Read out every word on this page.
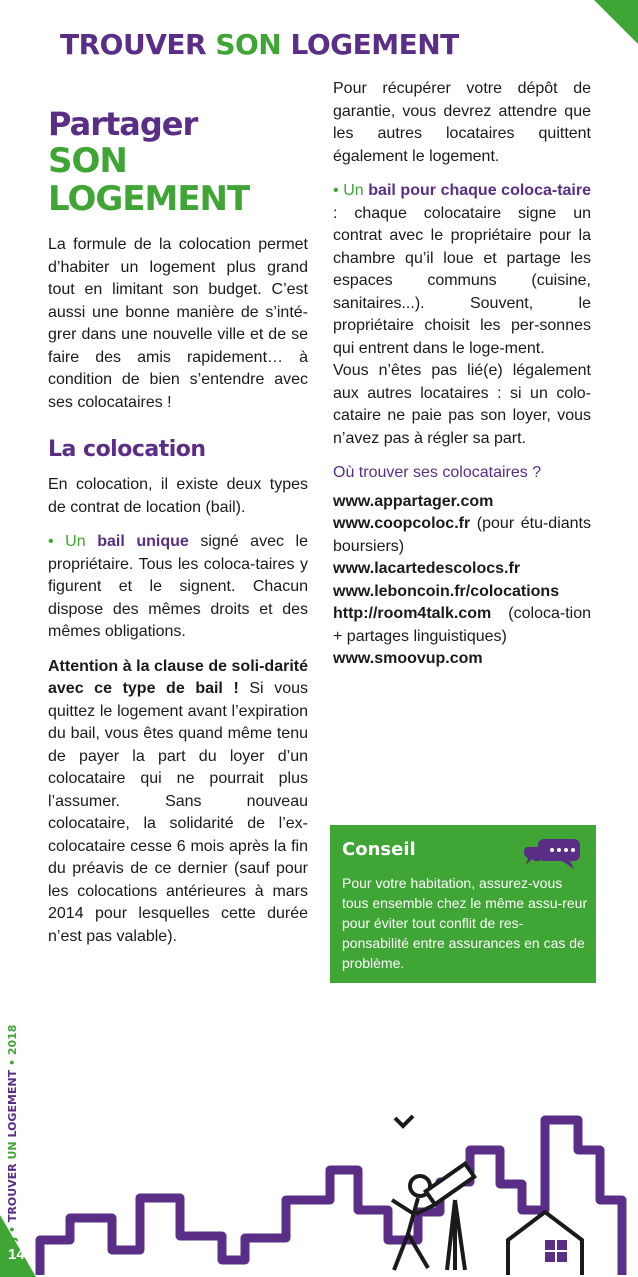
TROUVER SON LOGEMENT
Partager
SON LOGEMENT

La formule de la colocation permet d’habiter un logement plus grand tout en limitant son budget. C’est aussi une bonne manière de s’inté-grer dans une nouvelle ville et de se faire des amis rapidement… à condition de bien s’entendre avec ses colocataires !

La colocation

En colocation, il existe deux types de contrat de location (bail).

• Un bail unique signé avec le propriétaire. Tous les coloca-taires y figurent et le signent. Chacun dispose des mêmes droits et des mêmes obligations.

Attention à la clause de soli-darité avec ce type de bail ! Si vous quittez le logement avant l’expiration du bail, vous êtes quand même tenu de payer la part du loyer d’un colocataire qui ne pourrait plus l’assumer. Sans nouveau colocataire, la solidarité de l’ex-colocataire cesse 6 mois après la fin du préavis de ce dernier (sauf pour les colocations antérieures à mars 2014 pour lesquelles cette durée n’est pas valable).

Pour récupérer votre dépôt de garantie, vous devrez attendre que les autres locataires quittent également le logement.

• Un bail pour chaque coloca-taire : chaque colocataire signe un contrat avec le propriétaire pour la chambre qu’il loue et partage les espaces communs (cuisine, sanitaires...). Souvent, le propriétaire choisit les per-sonnes qui entrent dans le loge-ment.
Vous n’êtes pas lié(e) légalement aux autres locataires : si un colo-cataire ne paie pas son loyer, vous n’avez pas à régler sa part.

Où trouver ses colocataires ?
www.appartager.com
www.coopcoloc.fr (pour étu-diants boursiers)
www.lacartedescolocs.fr
www.leboncoin.fr/colocations
http://room4talk.com (coloca-tion + partages linguistiques)
www.smoovup.com
Conseil
Pour votre habitation, assurez-vous tous ensemble chez le même assu-reur pour éviter tout conflit de res-ponsabilité entre assurances en cas de problème.
IJ • TROUVER UN LOGEMENT • 2018
14
